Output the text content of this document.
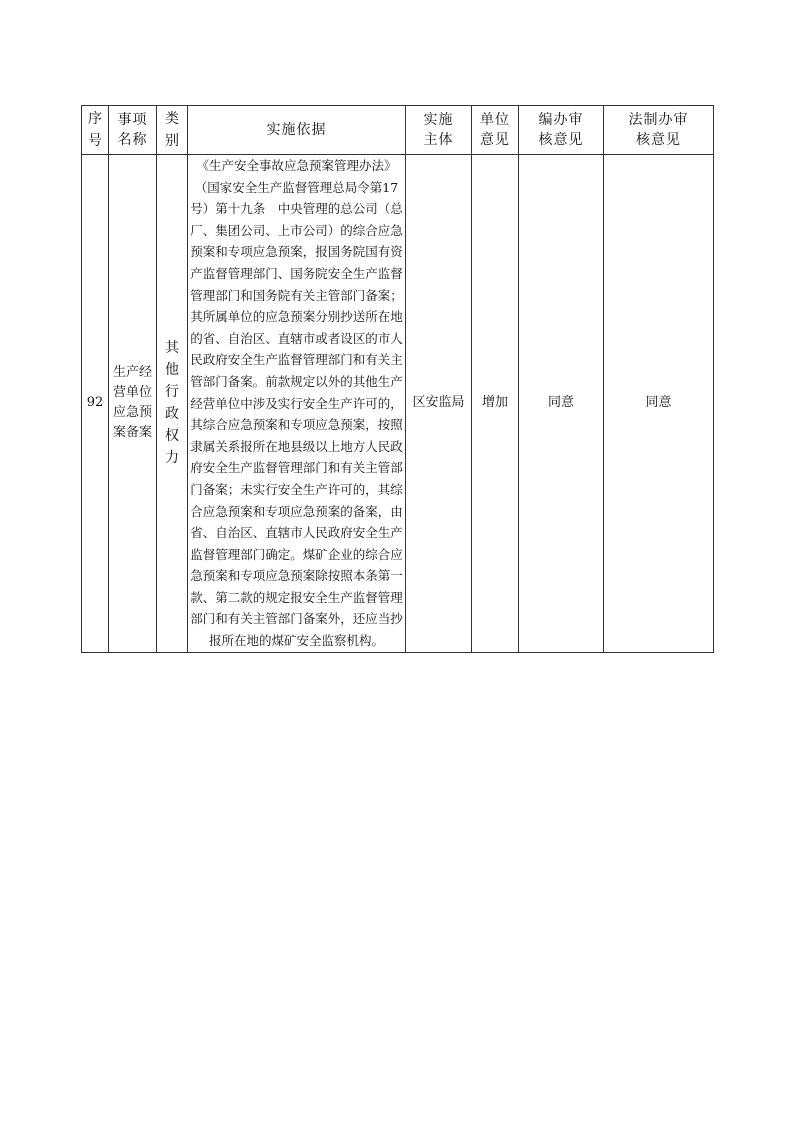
序号	事项名称	类别	实施依据	实施主体	单位意见	编办审核意见	法制办审核意见
92	生产经营单位应急预案备案	其他行政权力	《生产安全事故应急预案管理办法》（国家安全生产监督管理总局令第17号）第十九条　中央管理的总公司（总厂、集团公司、上市公司）的综合应急预案和专项应急预案，报国务院国有资产监督管理部门、国务院安全生产监督管理部门和国务院有关主管部门备案；其所属单位的应急预案分别抄送所在地的省、自治区、直辖市或者设区的市人民政府安全生产监督管理部门和有关主管部门备案。前款规定以外的其他生产经营单位中涉及实行安全生产许可的，其综合应急预案和专项应急预案，按照隶属关系报所在地县级以上地方人民政府安全生产监督管理部门和有关主管部门备案；未实行安全生产许可的，其综合应急预案和专项应急预案的备案，由省、自治区、直辖市人民政府安全生产监督管理部门确定。煤矿企业的综合应急预案和专项应急预案除按照本条第一款、第二款的规定报安全生产监督管理部门和有关主管部门备案外，还应当抄报所在地的煤矿安全监察机构。	区安监局	增加	同意	同意
